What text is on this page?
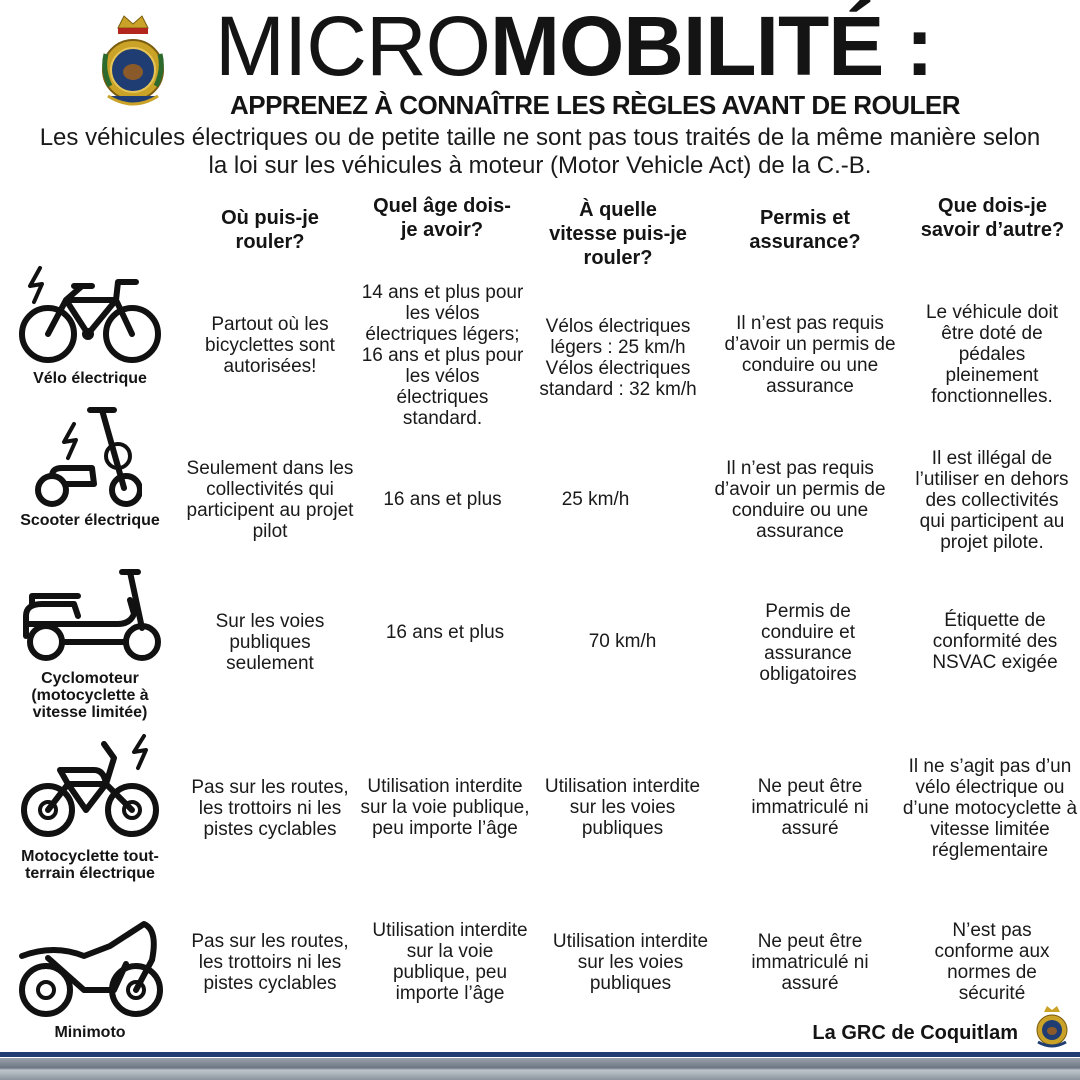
MICROMOBILITÉ :
APPRENEZ À CONNAÎTRE LES RÈGLES AVANT DE ROULER
Les véhicules électriques ou de petite taille ne sont pas tous traités de la même manière selon
la loi sur les véhicules à moteur (Motor Vehicle Act) de la C.-B.
Où puis-je rouler?
Quel âge dois-je avoir?
À quelle vitesse puis-je rouler?
Permis et assurance?
Que dois-je savoir d’autre?
Vélo électrique
Partout où les bicyclettes sont autorisées!
14 ans et plus pour les vélos électriques légers; 16 ans et plus pour les vélos électriques standard.
Vélos électriques légers : 25 km/h Vélos électriques standard : 32 km/h
Il n’est pas requis d’avoir un permis de conduire ou une assurance
Le véhicule doit être doté de pédales pleinement fonctionnelles.
Scooter électrique
Seulement dans les collectivités qui participent au projet pilot
16 ans et plus	25 km/h
Il n’est pas requis d’avoir un permis de conduire ou une assurance
Il est illégal de l’utiliser en dehors des collectivités qui participent au projet pilote.
Cyclomoteur (motocyclette à vitesse limitée)
Sur les voies publiques seulement
16 ans et plus	70 km/h
Permis de conduire et assurance obligatoires
Étiquette de conformité des NSVAC exigée
Motocyclette tout-terrain électrique
Pas sur les routes, les trottoirs ni les pistes cyclables
Utilisation interdite sur la voie publique, peu importe l’âge
Utilisation interdite sur les voies publiques
Ne peut être immatriculé ni assuré
Il ne s’agit pas d’un vélo électrique ou d’une motocyclette à vitesse limitée réglementaire
Minimoto
Pas sur les routes, les trottoirs ni les pistes cyclables
Utilisation interdite sur la voie publique, peu importe l’âge
Utilisation interdite sur les voies publiques
Ne peut être immatriculé ni assuré
N’est pas conforme aux normes de sécurité
La GRC de Coquitlam
